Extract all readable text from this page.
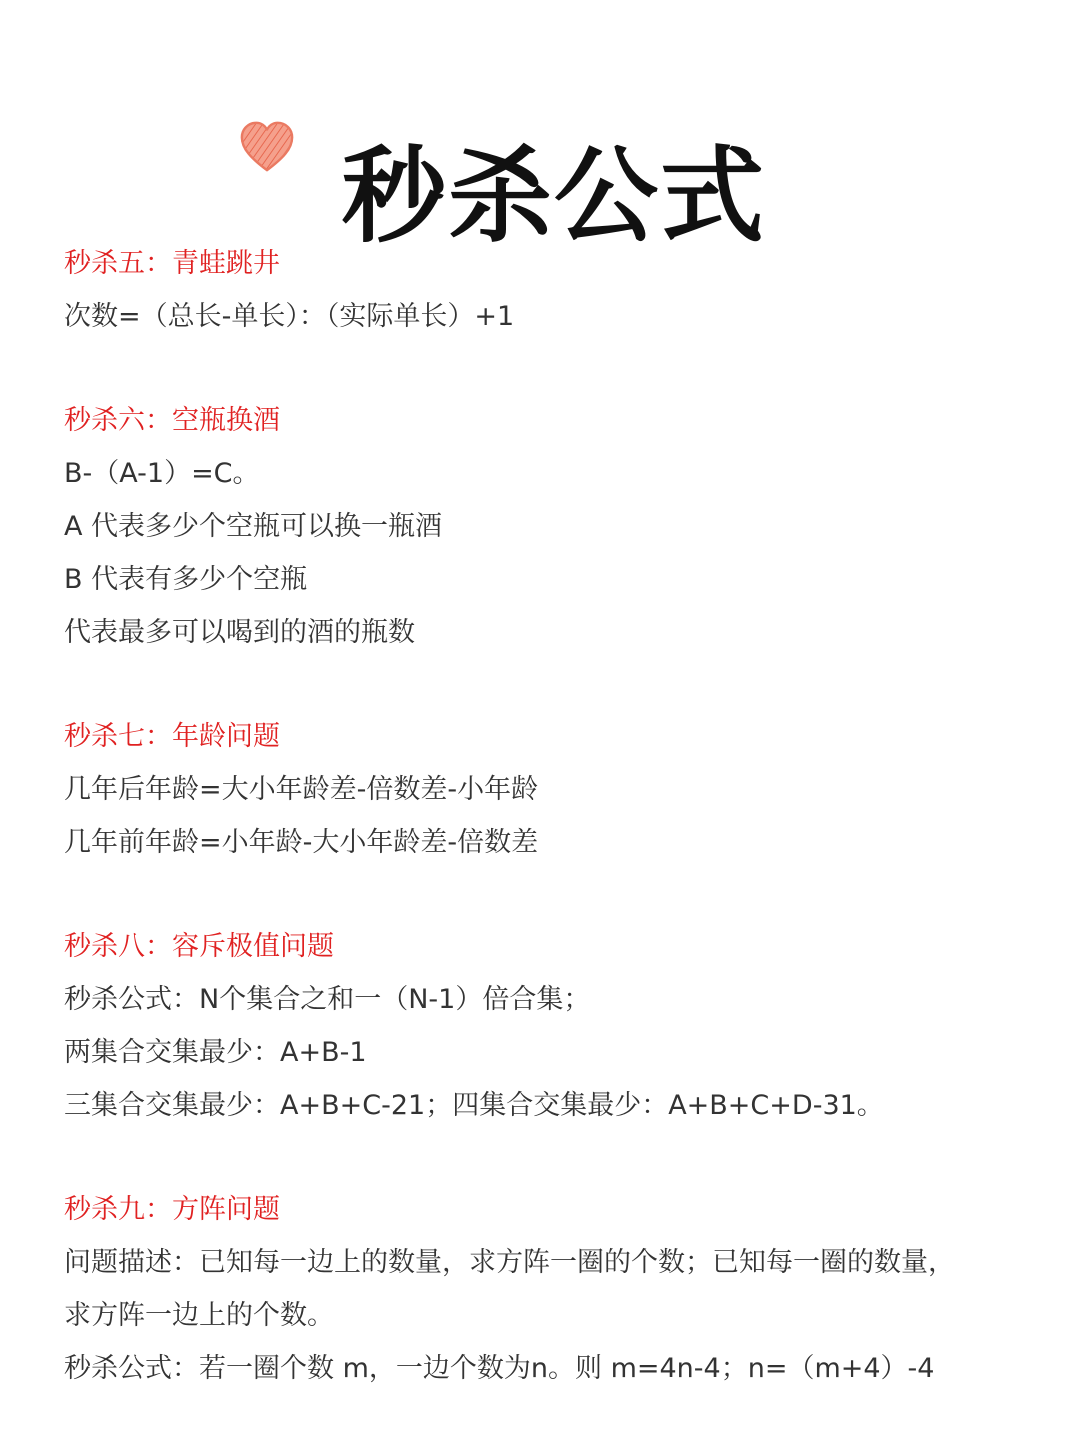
秒杀公式
秒杀五：青蛙跳井
次数=（总长-单长）：（实际单长）+1
秒杀六：空瓶换酒
B-（A-1）=C。
A 代表多少个空瓶可以换一瓶酒
B 代表有多少个空瓶
代表最多可以喝到的酒的瓶数
秒杀七：年龄问题
几年后年龄=大小年龄差-倍数差-小年龄
几年前年龄=小年龄-大小年龄差-倍数差
秒杀八：容斥极值问题
秒杀公式：N个集合之和一（N-1）倍合集；
两集合交集最少：A+B-1
三集合交集最少：A+B+C-21；四集合交集最少：A+B+C+D-31。
秒杀九：方阵问题
问题描述：已知每一边上的数量，求方阵一圈的个数；已知每一圈的数量，
求方阵一边上的个数。
秒杀公式：若一圈个数 m，一边个数为n。则 m=4n-4；n=（m+4）-4
